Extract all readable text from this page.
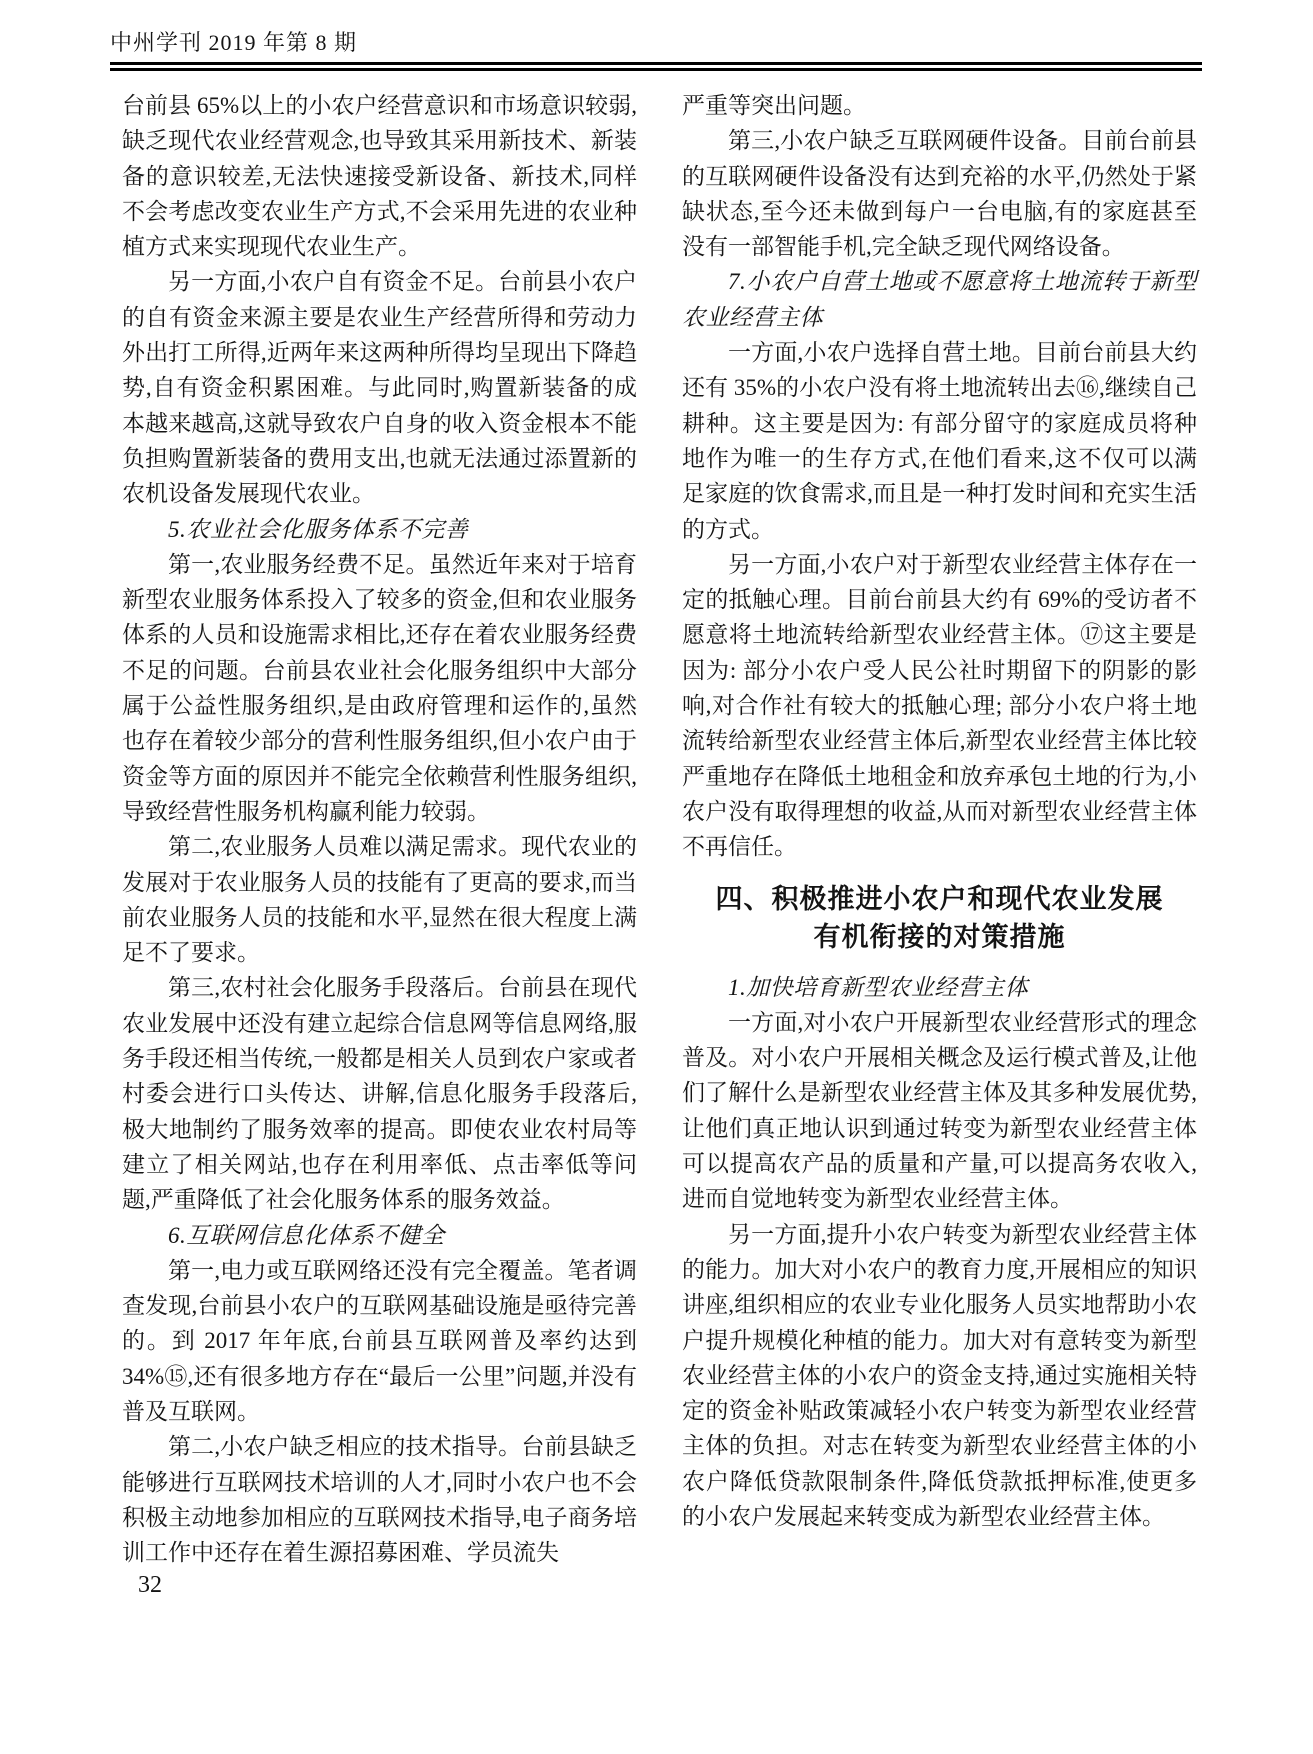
中州学刊 2019 年第 8 期

台前县 65%以上的小农户经营意识和市场意识较弱,缺乏现代农业经营观念,也导致其采用新技术、新装备的意识较差,无法快速接受新设备、新技术,同样不会考虑改变农业生产方式,不会采用先进的农业种植方式来实现现代农业生产。

另一方面,小农户自有资金不足。台前县小农户的自有资金来源主要是农业生产经营所得和劳动力外出打工所得,近两年来这两种所得均呈现出下降趋势,自有资金积累困难。与此同时,购置新装备的成本越来越高,这就导致农户自身的收入资金根本不能负担购置新装备的费用支出,也就无法通过添置新的农机设备发展现代农业。

5.农业社会化服务体系不完善

第一,农业服务经费不足。虽然近年来对于培育新型农业服务体系投入了较多的资金,但和农业服务体系的人员和设施需求相比,还存在着农业服务经费不足的问题。台前县农业社会化服务组织中大部分属于公益性服务组织,是由政府管理和运作的,虽然也存在着较少部分的营利性服务组织,但小农户由于资金等方面的原因并不能完全依赖营利性服务组织,导致经营性服务机构赢利能力较弱。

第二,农业服务人员难以满足需求。现代农业的发展对于农业服务人员的技能有了更高的要求,而当前农业服务人员的技能和水平,显然在很大程度上满足不了要求。

第三,农村社会化服务手段落后。台前县在现代农业发展中还没有建立起综合信息网等信息网络,服务手段还相当传统,一般都是相关人员到农户家或者村委会进行口头传达、讲解,信息化服务手段落后,极大地制约了服务效率的提高。即使农业农村局等建立了相关网站,也存在利用率低、点击率低等问题,严重降低了社会化服务体系的服务效益。

6.互联网信息化体系不健全

第一,电力或互联网络还没有完全覆盖。笔者调查发现,台前县小农户的互联网基础设施是亟待完善的。到 2017 年年底,台前县互联网普及率约达到 34%⑮,还有很多地方存在“最后一公里”问题,并没有普及互联网。

第二,小农户缺乏相应的技术指导。台前县缺乏能够进行互联网技术培训的人才,同时小农户也不会积极主动地参加相应的互联网技术指导,电子商务培训工作中还存在着生源招募困难、学员流失

严重等突出问题。

第三,小农户缺乏互联网硬件设备。目前台前县的互联网硬件设备没有达到充裕的水平,仍然处于紧缺状态,至今还未做到每户一台电脑,有的家庭甚至没有一部智能手机,完全缺乏现代网络设备。

7.小农户自营土地或不愿意将土地流转于新型农业经营主体

一方面,小农户选择自营土地。目前台前县大约还有 35%的小农户没有将土地流转出去⑯,继续自己耕种。这主要是因为: 有部分留守的家庭成员将种地作为唯一的生存方式,在他们看来,这不仅可以满足家庭的饮食需求,而且是一种打发时间和充实生活的方式。

另一方面,小农户对于新型农业经营主体存在一定的抵触心理。目前台前县大约有 69%的受访者不愿意将土地流转给新型农业经营主体。⑰这主要是因为: 部分小农户受人民公社时期留下的阴影的影响,对合作社有较大的抵触心理; 部分小农户将土地流转给新型农业经营主体后,新型农业经营主体比较严重地存在降低土地租金和放弃承包土地的行为,小农户没有取得理想的收益,从而对新型农业经营主体不再信任。

四、积极推进小农户和现代农业发展
有机衔接的对策措施

1.加快培育新型农业经营主体

一方面,对小农户开展新型农业经营形式的理念普及。对小农户开展相关概念及运行模式普及,让他们了解什么是新型农业经营主体及其多种发展优势,让他们真正地认识到通过转变为新型农业经营主体可以提高农产品的质量和产量,可以提高务农收入,进而自觉地转变为新型农业经营主体。

另一方面,提升小农户转变为新型农业经营主体的能力。加大对小农户的教育力度,开展相应的知识讲座,组织相应的农业专业化服务人员实地帮助小农户提升规模化种植的能力。加大对有意转变为新型农业经营主体的小农户的资金支持,通过实施相关特定的资金补贴政策减轻小农户转变为新型农业经营主体的负担。对志在转变为新型农业经营主体的小农户降低贷款限制条件,降低贷款抵押标准,使更多的小农户发展起来转变成为新型农业经营主体。

32
